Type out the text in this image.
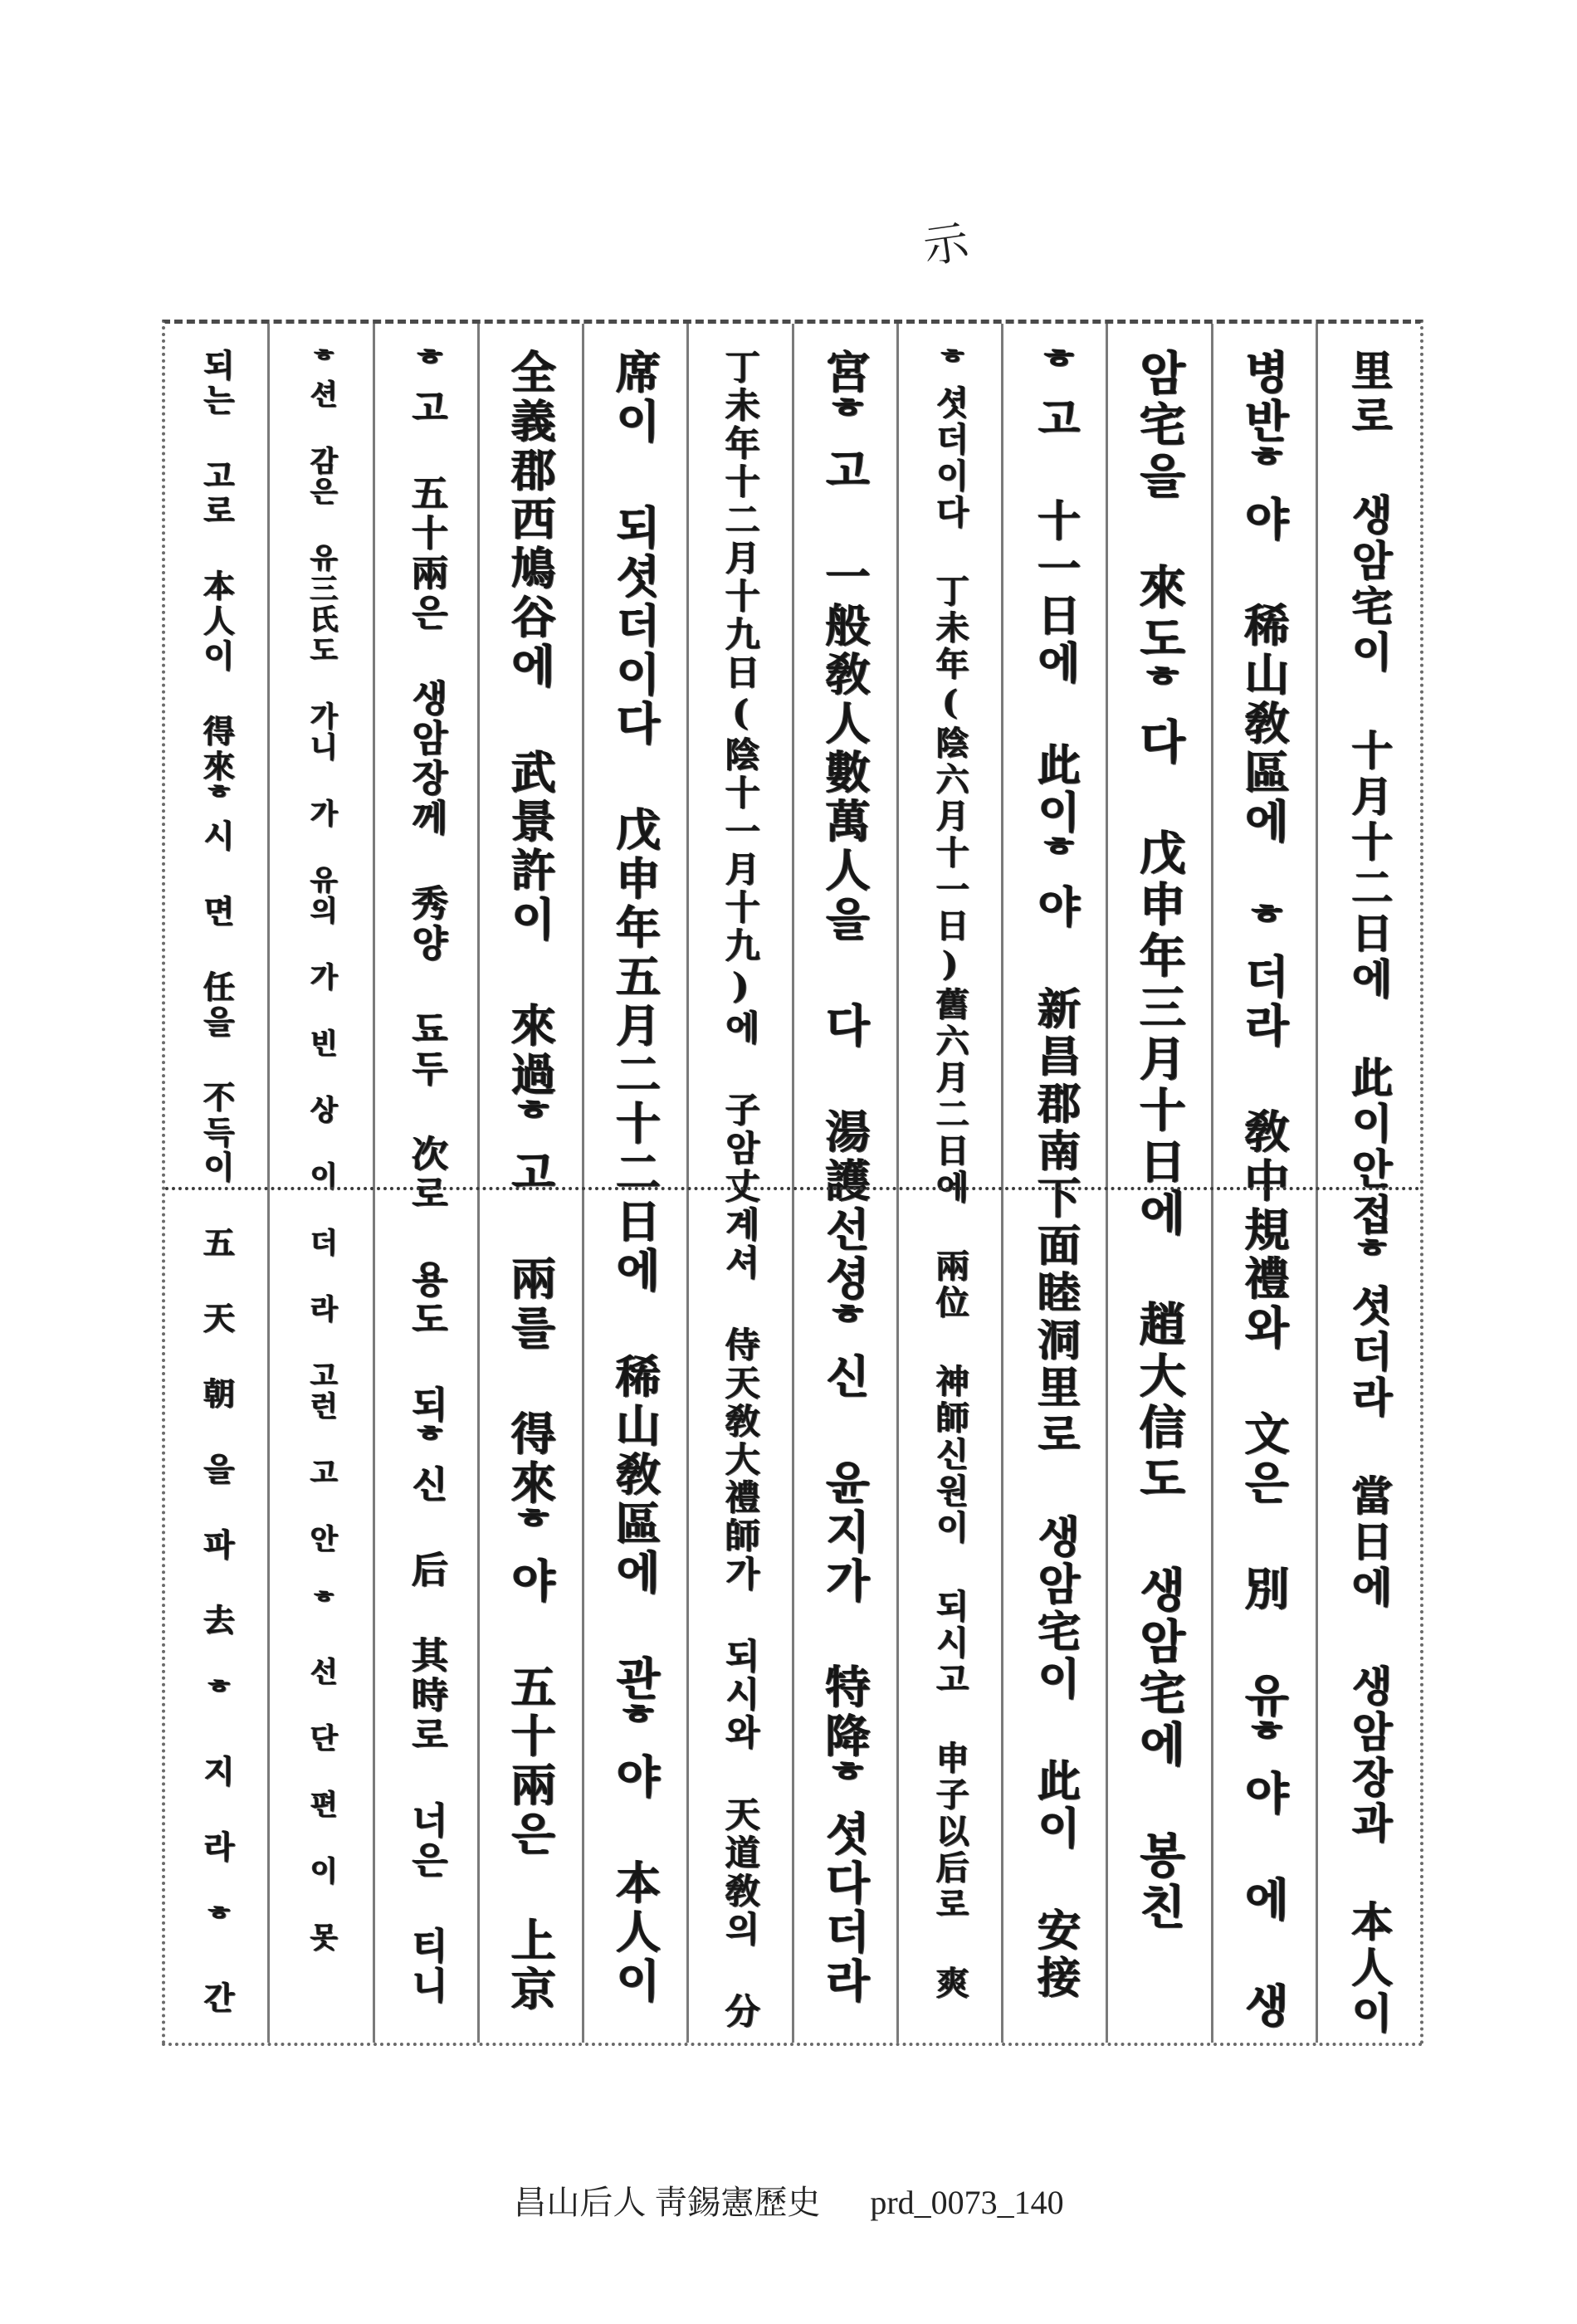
示
里로 생암宅이 十月十二日에 此이안접ᄒ셧더라 當日에 생암장과 本人이
병반ᄒ야 稀山敎區에 ᄒ더라 敎中規禮와 文은 別 유ᄒ야 에 생
암宅을 來도ᄒ다 戊申年三月十日에 趙大信도 생암宅에 봉친
ᄒ고 十一日에 此이ᄒ야 新昌郡南下面睦洞里로 생암宅이 此이 安接
ᄒ셧더이다 丁未年(陰六月十一日)舊六月二日에 兩位 神師신원이 되시고 申子以后로 爽
宮ᄒ고 一般敎人數萬人을 다 湯護선셩ᄒ신 윤지가 特降ᄒ셧다더라
丁未年十二月十九日(陰十一月十九)에 子암丈계셔 侍天敎大禮師가 되시와 天道敎의 分
席이 되셧더이다 戊申年五月二十二日에 稀山敎區에 관ᄒ야 本人이
全義郡西鳩谷에 武景許이 來過ᄒ고 兩를 得來ᄒ야 五十兩은 上京
ᄒ고 五十兩은 생암장께 秀양 됴두 次로 용도 되ᄒ신 后 其時로 너은 티니
ᄒ션 감은 유三氏도 가니 가 유의 가 빈 상 이 더 라 고런 고 안 ᄒ 선 단 편 이 못
되는 고로 本人이 得來ᄒ시 면 任을 不득이 五 天 朝 을 파 去 ᄒ 지 라 ᄒ 간
昌山后人 靑錫憲歷史 prd_0073_140
